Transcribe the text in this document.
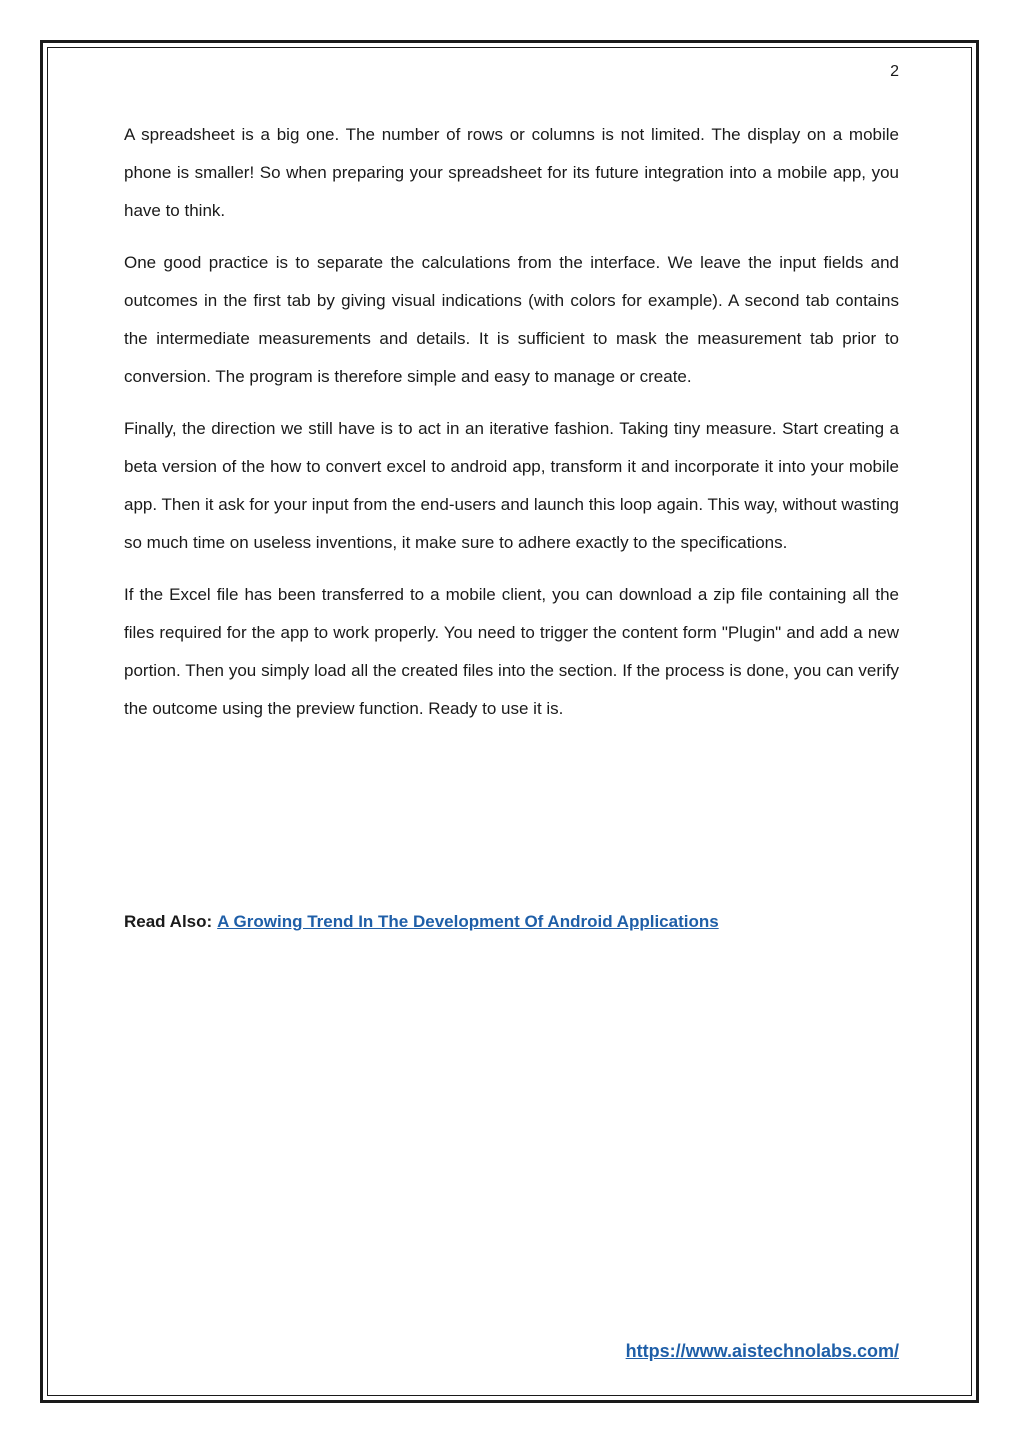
2

A spreadsheet is a big one. The number of rows or columns is not limited. The display on a mobile phone is smaller! So when preparing your spreadsheet for its future integration into a mobile app, you have to think.

One good practice is to separate the calculations from the interface. We leave the input fields and outcomes in the first tab by giving visual indications (with colors for example). A second tab contains the intermediate measurements and details. It is sufficient to mask the measurement tab prior to conversion. The program is therefore simple and easy to manage or create.

Finally, the direction we still have is to act in an iterative fashion. Taking tiny measure. Start creating a beta version of the how to convert excel to android app, transform it and incorporate it into your mobile app. Then it ask for your input from the end-users and launch this loop again. This way, without wasting so much time on useless inventions, it make sure to adhere exactly to the specifications.

If the Excel file has been transferred to a mobile client, you can download a zip file containing all the files required for the app to work properly. You need to trigger the content form "Plugin" and add a new portion. Then you simply load all the created files into the section. If the process is done, you can verify the outcome using the preview function. Ready to use it is.

Read Also: A Growing Trend In The Development Of Android Applications
https://www.aistechnolabs.com/
